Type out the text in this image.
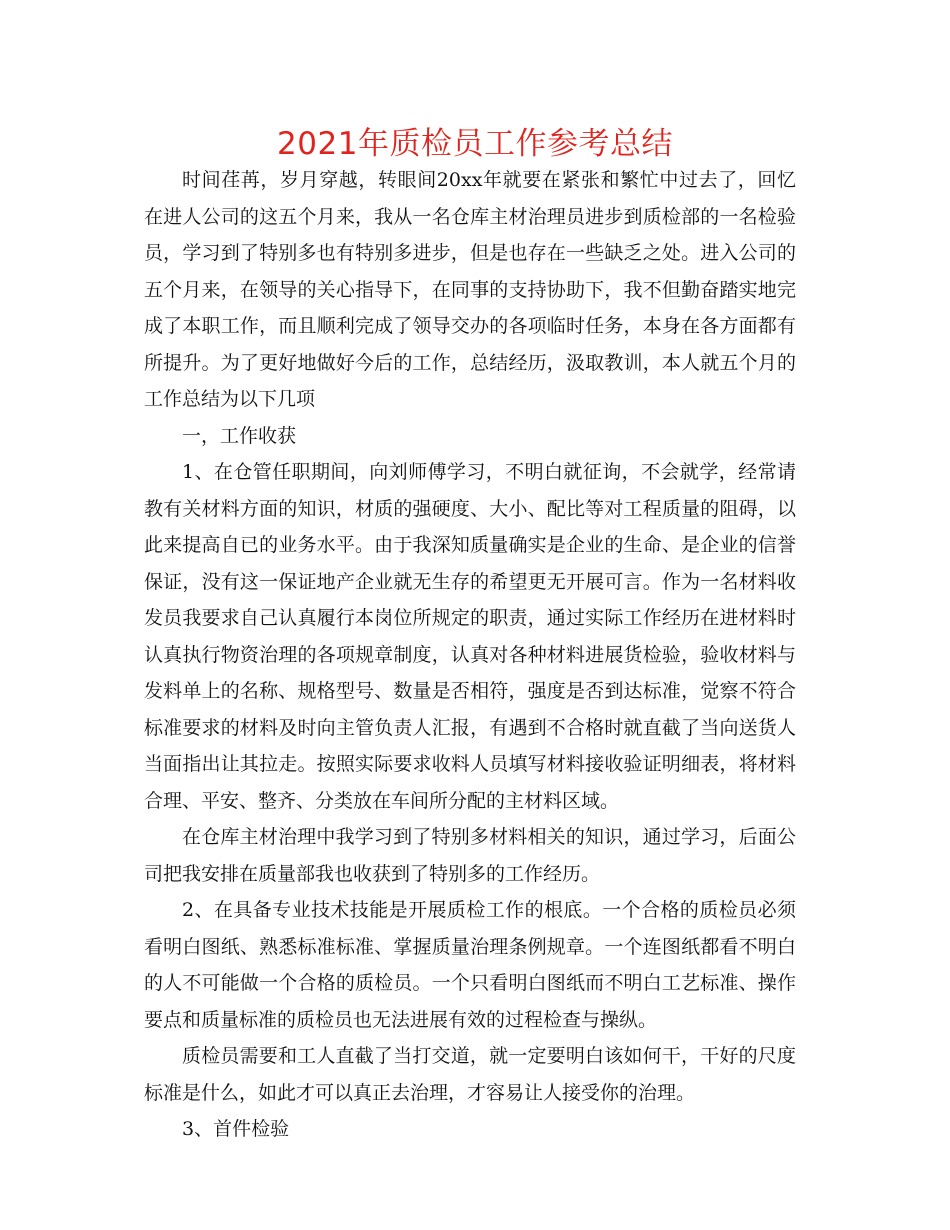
2021年质检员工作参考总结

时间荏苒，岁月穿越，转眼间20xx年就要在紧张和繁忙中过去了，回忆在进人公司的这五个月来，我从一名仓库主材治理员进步到质检部的一名检验员，学习到了特别多也有特别多进步，但是也存在一些缺乏之处。进入公司的五个月来，在领导的关心指导下，在同事的支持协助下，我不但勤奋踏实地完成了本职工作，而且顺利完成了领导交办的各项临时任务，本身在各方面都有所提升。为了更好地做好今后的工作，总结经历，汲取教训，本人就五个月的工作总结为以下几项

一，工作收获

1、在仓管任职期间，向刘师傅学习，不明白就征询，不会就学，经常请教有关材料方面的知识，材质的强硬度、大小、配比等对工程质量的阻碍，以此来提高自已的业务水平。由于我深知质量确实是企业的生命、是企业的信誉保证，没有这一保证地产企业就无生存的希望更无开展可言。作为一名材料收发员我要求自己认真履行本岗位所规定的职责，通过实际工作经历在进材料时认真执行物资治理的各项规章制度，认真对各种材料进展货检验，验收材料与发料单上的名称、规格型号、数量是否相符，强度是否到达标准，觉察不符合标准要求的材料及时向主管负责人汇报，有遇到不合格时就直截了当向送货人当面指出让其拉走。按照实际要求收料人员填写材料接收验证明细表，将材料合理、平安、整齐、分类放在车间所分配的主材料区域。

在仓库主材治理中我学习到了特别多材料相关的知识，通过学习，后面公司把我安排在质量部我也收获到了特别多的工作经历。

2、在具备专业技术技能是开展质检工作的根底。一个合格的质检员必须看明白图纸、熟悉标准标准、掌握质量治理条例规章。一个连图纸都看不明白的人不可能做一个合格的质检员。一个只看明白图纸而不明白工艺标准、操作要点和质量标准的质检员也无法进展有效的过程检查与操纵。

质检员需要和工人直截了当打交道，就一定要明白该如何干，干好的尺度标准是什么，如此才可以真正去治理，才容易让人接受你的治理。

3、首件检验
